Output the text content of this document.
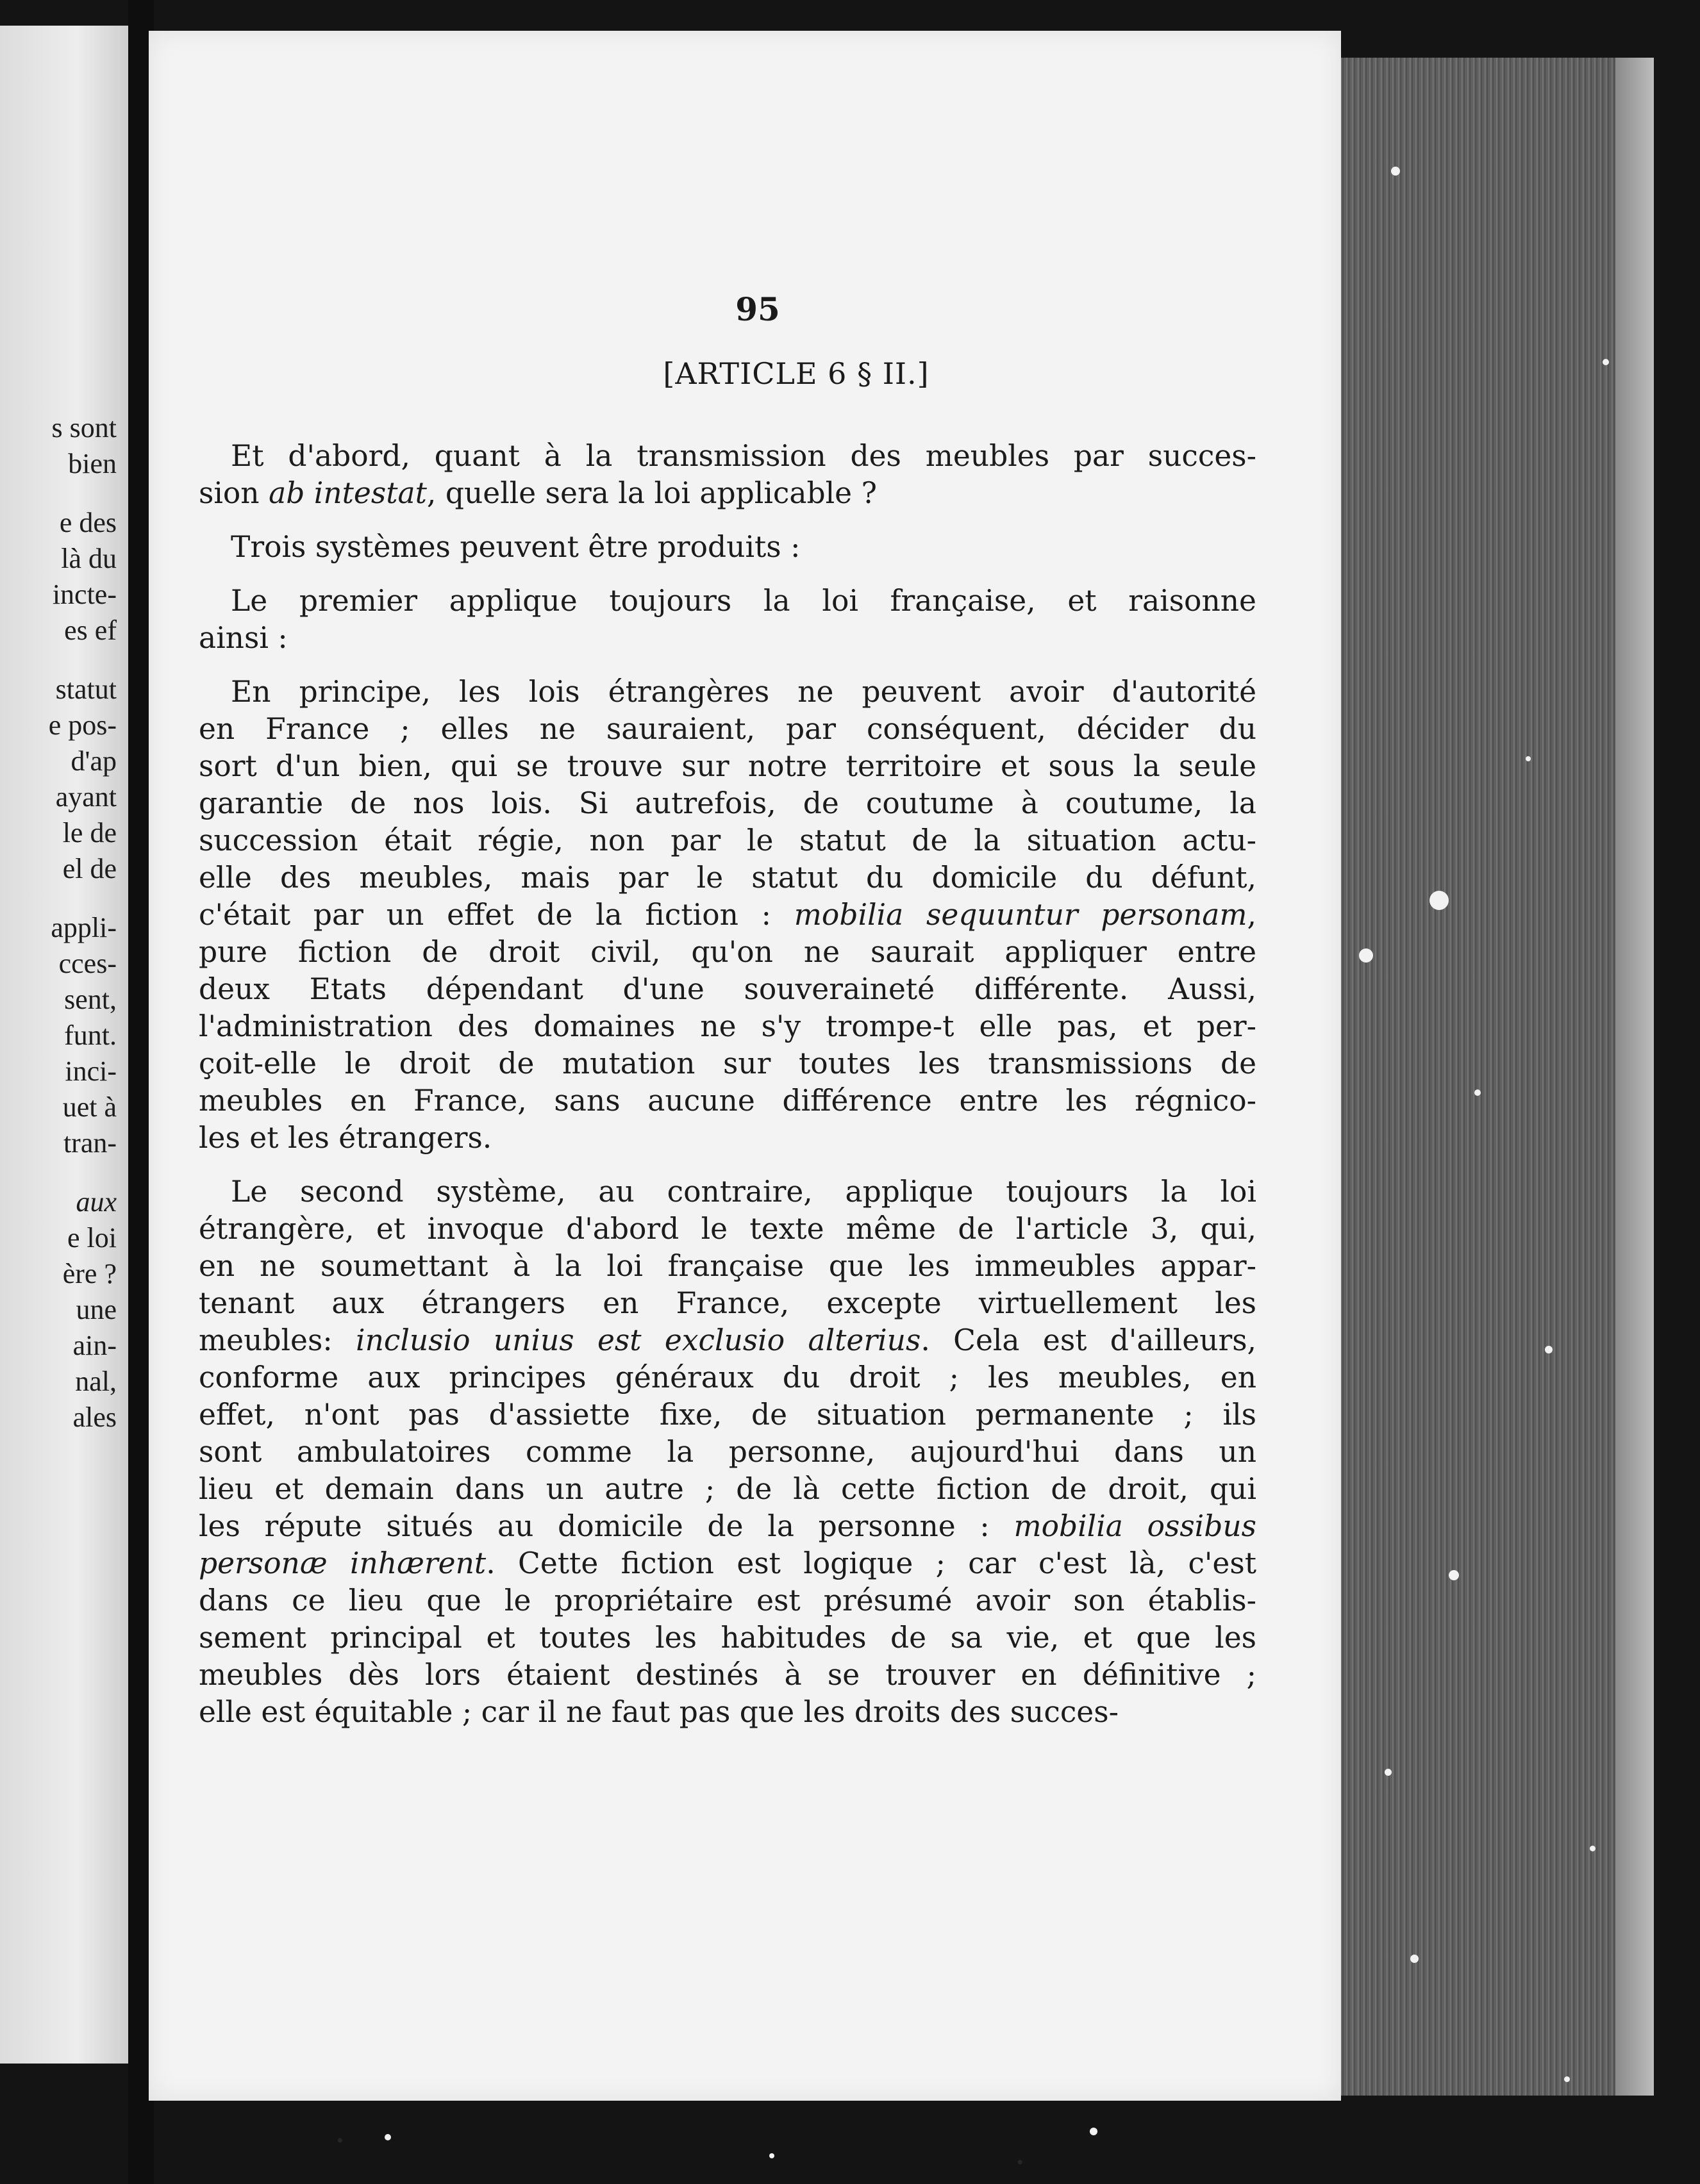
s sont
bien
e des
là du
incte-
es ef
statut
e pos-
d'ap
ayant
le de
el de
appli-
cces-
sent,
funt.
inci-
uet à
tran-
aux
e loi
ère ?
une
ain-
nal,
ales
95
[ARTICLE 6 § II.]
Et d'abord, quant à la transmission des meubles par succes-
sion ab intestat, quelle sera la loi applicable ?
Trois systèmes peuvent être produits :
Le premier applique toujours la loi française, et raisonne
ainsi :
En principe, les lois étrangères ne peuvent avoir d'autorité
en France ; elles ne sauraient, par conséquent, décider du
sort d'un bien, qui se trouve sur notre territoire et sous la seule
garantie de nos lois. Si autrefois, de coutume à coutume, la
succession était régie, non par le statut de la situation actu-
elle des meubles, mais par le statut du domicile du défunt,
c'était par un effet de la fiction : mobilia sequuntur personam,
pure fiction de droit civil, qu'on ne saurait appliquer entre
deux Etats dépendant d'une souveraineté différente. Aussi,
l'administration des domaines ne s'y trompe-t elle pas, et per-
çoit-elle le droit de mutation sur toutes les transmissions de
meubles en France, sans aucune différence entre les régnico-
les et les étrangers.
Le second système, au contraire, applique toujours la loi
étrangère, et invoque d'abord le texte même de l'article 3, qui,
en ne soumettant à la loi française que les immeubles appar-
tenant aux étrangers en France, excepte virtuellement les
meubles: inclusio unius est exclusio alterius. Cela est d'ailleurs,
conforme aux principes généraux du droit ; les meubles, en
effet, n'ont pas d'assiette fixe, de situation permanente ; ils
sont ambulatoires comme la personne, aujourd'hui dans un
lieu et demain dans un autre ; de là cette fiction de droit, qui
les répute situés au domicile de la personne : mobilia ossibus
personæ inhærent. Cette fiction est logique ; car c'est là, c'est
dans ce lieu que le propriétaire est présumé avoir son établis-
sement principal et toutes les habitudes de sa vie, et que les
meubles dès lors étaient destinés à se trouver en définitive ;
elle est équitable ; car il ne faut pas que les droits des succes-
